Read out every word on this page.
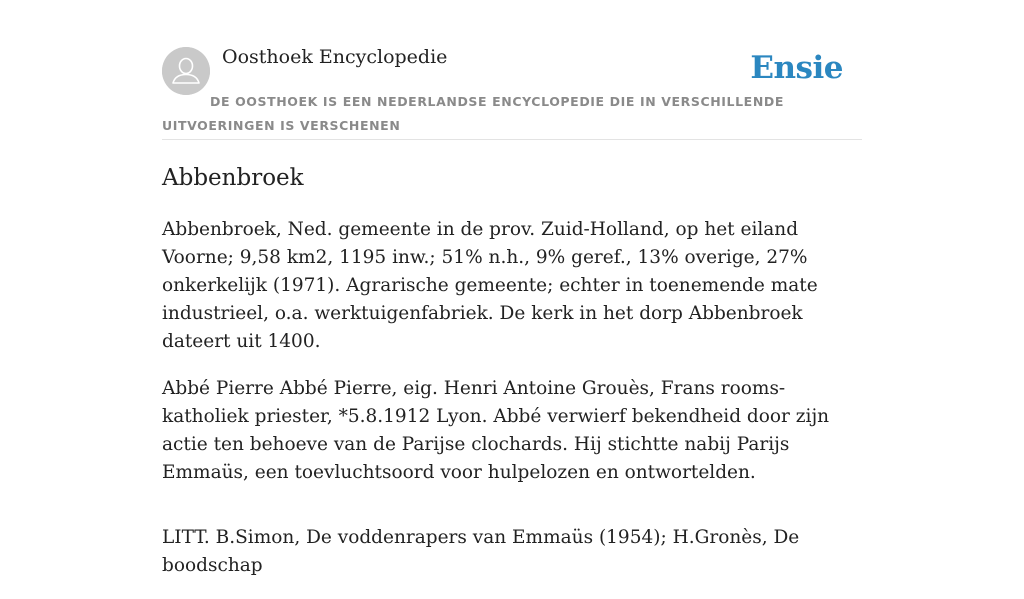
Oosthoek Encyclopedie	Ensie
DE OOSTHOEK IS EEN NEDERLANDSE ENCYCLOPEDIE DIE IN VERSCHILLENDE UITVOERINGEN IS VERSCHENEN
Abbenbroek

Abbenbroek, Ned. gemeente in de prov. Zuid-Holland, op het eiland Voorne; 9,58 km2, 1195 inw.; 51% n.h., 9% geref., 13% overige, 27% onkerkelijk (1971). Agrarische gemeente; echter in toenemende mate industrieel, o.a. werktuigenfabriek. De kerk in het dorp Abbenbroek dateert uit 1400.

Abbé Pierre Abbé Pierre, eig. Henri Antoine Grouès, Frans rooms-katholiek priester, *5.8.1912 Lyon. Abbé verwierf bekendheid door zijn actie ten behoeve van de Parijse clochards. Hij stichtte nabij Parijs Emmaüs, een toevluchtsoord voor hulpelozen en ontwortelden.

LITT. B.Simon, De voddenrapers van Emmaüs (1954); H.Gronès, De boodschap
